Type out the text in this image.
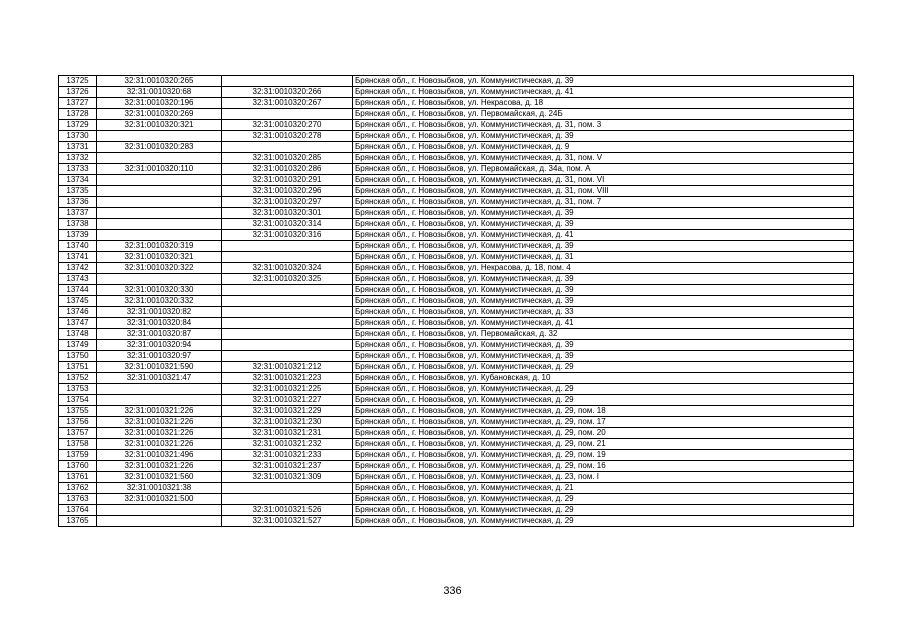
13725	32:31:0010320:265		Брянская обл., г. Новозыбков, ул. Коммунистическая, д. 39
13726	32:31:0010320:68	32:31:0010320:266	Брянская обл., г. Новозыбков, ул. Коммунистическая, д. 41
13727	32:31:0010320:196	32:31:0010320:267	Брянская обл., г. Новозыбков, ул. Некрасова, д. 18
13728	32:31:0010320:269		Брянская обл., г. Новозыбков, ул. Первомайская, д. 24Б
13729	32:31:0010320:321	32:31:0010320:270	Брянская обл., г. Новозыбков, ул. Коммунистическая, д. 31, пом. 3
13730		32:31:0010320:278	Брянская обл., г. Новозыбков, ул. Коммунистическая, д. 39
13731	32:31:0010320:283		Брянская обл., г. Новозыбков, ул. Коммунистическая, д. 9
13732		32:31:0010320:285	Брянская обл., г. Новозыбков, ул. Коммунистическая, д. 31, пом. V
13733	32:31:0010320:110	32:31:0010320:286	Брянская обл., г. Новозыбков, ул. Первомайская, д. 34а, пом. А
13734		32:31:0010320:291	Брянская обл., г. Новозыбков, ул. Коммунистическая, д. 31, пом. VI
13735		32:31:0010320:296	Брянская обл., г. Новозыбков, ул. Коммунистическая, д. 31, пом. VIII
13736		32:31:0010320:297	Брянская обл., г. Новозыбков, ул. Коммунистическая, д. 31, пом. 7
13737		32:31:0010320:301	Брянская обл., г. Новозыбков, ул. Коммунистическая, д. 39
13738		32:31:0010320:314	Брянская обл., г. Новозыбков, ул. Коммунистическая, д. 39
13739		32:31:0010320:316	Брянская обл., г. Новозыбков, ул. Коммунистическая, д. 41
13740	32:31:0010320:319		Брянская обл., г. Новозыбков, ул. Коммунистическая, д. 39
13741	32:31:0010320:321		Брянская обл., г. Новозыбков, ул. Коммунистическая, д. 31
13742	32:31:0010320:322	32:31:0010320:324	Брянская обл., г. Новозыбков, ул. Некрасова, д. 18, пом. 4
13743		32:31:0010320:325	Брянская обл., г. Новозыбков, ул. Коммунистическая, д. 39
13744	32:31:0010320:330		Брянская обл., г. Новозыбков, ул. Коммунистическая, д. 39
13745	32:31:0010320:332		Брянская обл., г. Новозыбков, ул. Коммунистическая, д. 39
13746	32:31:0010320:82		Брянская обл., г. Новозыбков, ул. Коммунистическая, д. 33
13747	32:31:0010320:84		Брянская обл., г. Новозыбков, ул. Коммунистическая, д. 41
13748	32:31:0010320:87		Брянская обл., г. Новозыбков, ул. Первомайская, д. 32
13749	32:31:0010320:94		Брянская обл., г. Новозыбков, ул. Коммунистическая, д. 39
13750	32:31:0010320:97		Брянская обл., г. Новозыбков, ул. Коммунистическая, д. 39
13751	32:31:0010321:590	32:31:0010321:212	Брянская обл., г. Новозыбков, ул. Коммунистическая, д. 29
13752	32:31:0010321:47	32:31:0010321:223	Брянская обл., г. Новозыбков, ул. Кубановская, д. 10
13753		32:31:0010321:225	Брянская обл., г. Новозыбков, ул. Коммунистическая, д. 29
13754		32:31:0010321:227	Брянская обл., г. Новозыбков, ул. Коммунистическая, д. 29
13755	32:31:0010321:226	32:31:0010321:229	Брянская обл., г. Новозыбков, ул. Коммунистическая, д. 29, пом. 18
13756	32:31:0010321:226	32:31:0010321:230	Брянская обл., г. Новозыбков, ул. Коммунистическая, д. 29, пом. 17
13757	32:31:0010321:226	32:31:0010321:231	Брянская обл., г. Новозыбков, ул. Коммунистическая, д. 29, пом. 20
13758	32:31:0010321:226	32:31:0010321:232	Брянская обл., г. Новозыбков, ул. Коммунистическая, д. 29, пом. 21
13759	32:31:0010321:496	32:31:0010321:233	Брянская обл., г. Новозыбков, ул. Коммунистическая, д. 29, пом. 19
13760	32:31:0010321:226	32:31:0010321:237	Брянская обл., г. Новозыбков, ул. Коммунистическая, д. 29, пом. 16
13761	32:31:0010321:560	32:31:0010321:309	Брянская обл., г. Новозыбков, ул. Коммунистическая, д. 23, пом. I
13762	32:31:0010321:38		Брянская обл., г. Новозыбков, ул. Коммунистическая, д. 21
13763	32:31:0010321:500		Брянская обл., г. Новозыбков, ул. Коммунистическая, д. 29
13764		32:31:0010321:526	Брянская обл., г. Новозыбков, ул. Коммунистическая, д. 29
13765		32:31:0010321:527	Брянская обл., г. Новозыбков, ул. Коммунистическая, д. 29
336
